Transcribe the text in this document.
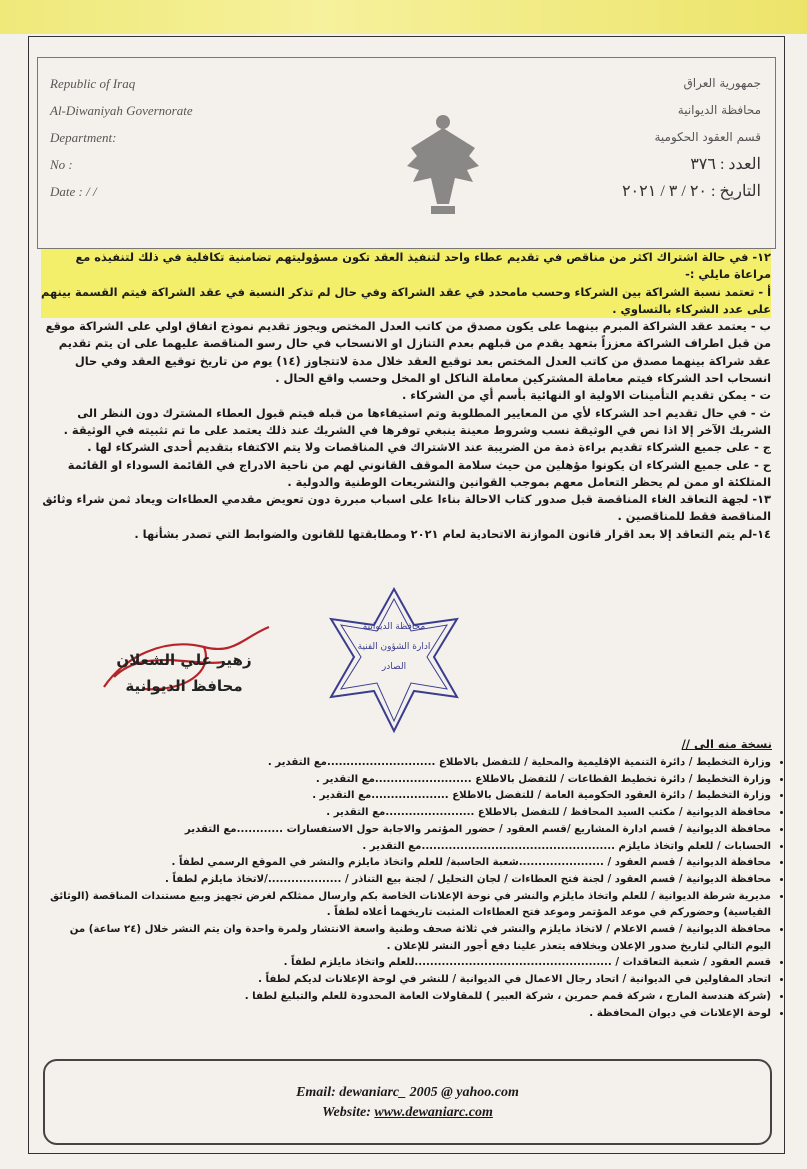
Republic of Iraq
Al-Diwaniyah Governorate
Department:
No :
Date : / /
جمهورية العراق
محافظة الديوانية
قسم العقود الحكومية
العدد : ٣٧٦
التاريخ : ٢٠ / ٣ / ٢٠٢١

١٢- في حالة اشتراك اكثر من مناقص في تقديم عطاء واحد لتنفيذ العقد تكون مسؤوليتهم تضامنية تكافلية في ذلك لتنفيذه مع مراعاة مايلي :-

أ - تعتمد نسبة الشراكة بين الشركاء وحسب مامحدد في عقد الشراكة وفي حال لم تذكر النسبة في عقد الشراكة فيتم القسمة بينهم على عدد الشركاء بالتساوي .

ب - يعتمد عقد الشراكة المبرم بينهما على يكون مصدق من كاتب العدل المختص ويجوز تقديم نموذج اتفاق اولي على الشراكة موقع من قبل اطراف الشراكة معززاً بتعهد يقدم من قبلهم بعدم التنازل او الانسحاب في حال رسو المناقصة عليهما على ان يتم تقديم عقد شراكة بينهما مصدق من كاتب العدل المختص بعد توقيع العقد خلال مدة لاتتجاوز (١٤) يوم من تاريخ توقيع العقد وفي حال انسحاب احد الشركاء فيتم معاملة المشتركين معاملة الناكل او المخل وحسب واقع الحال .

ت - يمكن تقديم التأمينات الاولية او النهائية بأسم أي من الشركاء .

ث - في حال تقديم احد الشركاء لأي من المعايير المطلوبة وتم استيفاءها من قبله فيتم قبول العطاء المشترك دون النظر الى الشريك الآخر إلا اذا نص في الوثيقة نسب وشروط معينة ينبغي توفرها في الشريك عند ذلك يعتمد على ما تم تثبيته في الوثيقة .

ج - على جميع الشركاء تقديم براءة ذمة من الضريبة عند الاشتراك في المناقصات ولا يتم الاكتفاء بتقديم أحدى الشركاء لها .

ح - على جميع الشركاء ان يكونوا مؤهلين من حيث سلامة الموقف القانوني لهم من ناحية الادراج في القائمة السوداء او القائمة المتلكئة او ممن لم يحظر التعامل معهم بموجب القوانين والتشريعات الوطنية والدولية .

١٣- لجهة التعاقد الغاء المناقصة قبل صدور كتاب الاحالة بناءا على اسباب مبررة دون تعويض مقدمي العطاءات ويعاد ثمن شراء وثائق المناقصة فقط للمناقصين .

١٤-لم يتم التعاقد إلا بعد اقرار قانون الموازنة الاتحادية لعام ٢٠٢١ ومطابقتها للقانون والضوابط التي تصدر بشأنها .

محافظة الديوانية
ادارة الشؤون الفنية
الصادر
زهير علي الشعلان
محافظ الديوانية
نسخة منه الى //
• وزارة التخطيط / دائرة التنمية الإقليمية والمحلية / للتفضل بالاطلاع ............................مع التقدير .
• وزارة التخطيط / دائرة تخطيط القطاعات / للتفضل بالاطلاع .........................مع التقدير .
• وزارة التخطيط / دائرة العقود الحكومية العامة / للتفضل بالاطلاع ....................مع التقدير .
• محافظة الديوانية / مكتب السيد المحافظ / للتفضل بالاطلاع .......................مع التقدير .
• محافظة الديوانية / قسم ادارة المشاريع /قسم العقود / حضور المؤتمر والاجابة حول الاستفسارات ............مع التقدير
• الحسابات / للعلم واتخاذ مايلزم ..................................................مع التقدير .
• محافظة الديوانية / قسم العقود / ......................شعبة الحاسبة/ للعلم واتخاذ مايلزم والنشر في الموقع الرسمي لطفاً .
• محافظة الديوانية / قسم العقود / لجنة فتح العطاءات / لجان التحليل / لجنة بيع التناذر / .................../لاتخاذ مايلزم لطفاً .
• مديرية شرطة الديوانية / للعلم واتخاذ مايلزم والنشر في نوحة الإعلانات الخاصة بكم وارسال ممثلكم لغرض تجهيز وبيع مستندات المناقصة (الوثائق القياسية) وحضوركم في موعد المؤتمر وموعد فتح العطاءات المثبت تاريخهما أعلاه لطفاً .
• محافظة الديوانية / قسم الاعلام / لاتخاذ مايلزم والنشر في ثلاثة صحف وطنية واسعة الانتشار ولمرة واحدة وان يتم النشر خلال (٢٤ ساعة) من اليوم التالي لتاريخ صدور الإعلان وبخلافه يتعذر علينا دفع أجور النشر للإعلان .
• قسم العقود / شعبة التعاقدات / ...................................................للعلم واتخاذ مايلزم لطفاً .
• اتحاد المقاولين في الديوانية / اتحاد رجال الاعمال في الديوانية / للنشر في لوحة الإعلانات لديكم لطفاً .
• (شركة هندسة المارج ، شركة قمم حمرين ، شركة العبير ) للمقاولات العامة المحدودة للعلم والتبليغ لطفا .
• لوحة الإعلانات في ديوان المحافظة .
Email: dewaniarc_ 2005 @ yahoo.com
Website: www.dewaniarc.com
